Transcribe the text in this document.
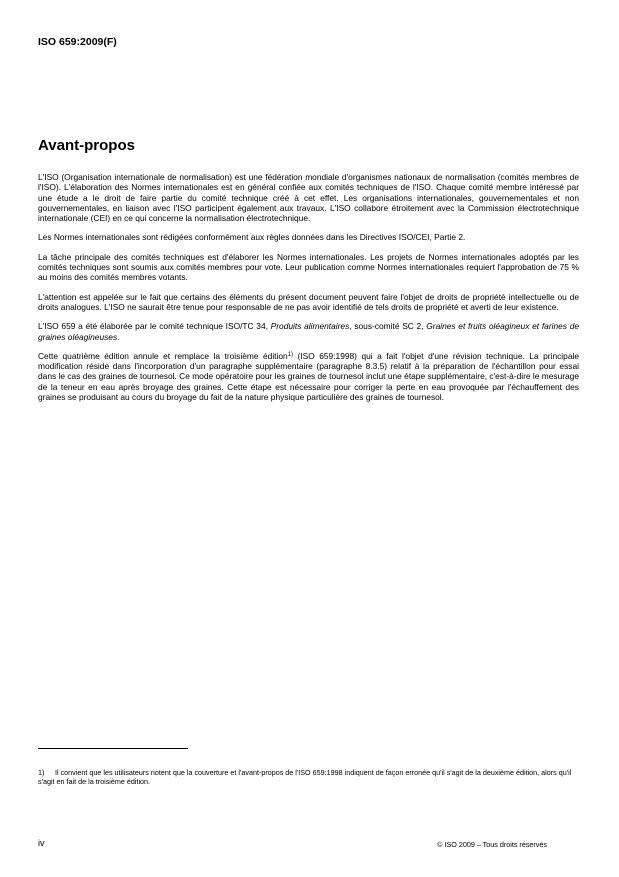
ISO 659:2009(F)
Avant-propos

L'ISO (Organisation internationale de normalisation) est une fédération mondiale d'organismes nationaux de normalisation (comités membres de l'ISO). L'élaboration des Normes internationales est en général confiée aux comités techniques de l'ISO. Chaque comité membre intéressé par une étude a le droit de faire partie du comité technique créé à cet effet. Les organisations internationales, gouvernementales et non gouvernementales, en liaison avec l'ISO participent également aux travaux. L'ISO collabore étroitement avec la Commission électrotechnique internationale (CEI) en ce qui concerne la normalisation électrotechnique.

Les Normes internationales sont rédigées conformément aux règles données dans les Directives ISO/CEI, Partie 2.

La tâche principale des comités techniques est d'élaborer les Normes internationales. Les projets de Normes internationales adoptés par les comités techniques sont soumis aux comités membres pour vote. Leur publication comme Normes internationales requiert l'approbation de 75 % au moins des comités membres votants.

L'attention est appelée sur le fait que certains des éléments du présent document peuvent faire l'objet de droits de propriété intellectuelle ou de droits analogues. L'ISO ne saurait être tenue pour responsable de ne pas avoir identifié de tels droits de propriété et averti de leur existence.

L'ISO 659 a été élaborée par le comité technique ISO/TC 34, Produits alimentaires, sous-comité SC 2, Graines et fruits oléagineux et farines de graines oléagineuses.

Cette quatrième édition annule et remplace la troisième édition$^{1)}$ (ISO 659:1998) qui a fait l'objet d'une révision technique. La principale modification réside dans l'incorporation d'un paragraphe supplémentaire (paragraphe 8.3.5) relatif à la préparation de l'échantillon pour essai dans le cas des graines de tournesol. Ce mode opératoire pour les graines de tournesol inclut une étape supplémentaire, c'est-à-dire le mesurage de la teneur en eau après broyage des graines. Cette étape est nécessaire pour corriger la perte en eau provoquée par l'échauffement des graines se produisant au cours du broyage du fait de la nature physique particulière des graines de tournesol.

1) Il convient que les utilisateurs notent que la couverture et l'avant-propos de l'ISO 659:1998 indiquent de façon erronée qu'il s'agit de la deuxième édition, alors qu'il s'agit en fait de la troisième édition.
iv	© ISO 2009 – Tous droits réservés
